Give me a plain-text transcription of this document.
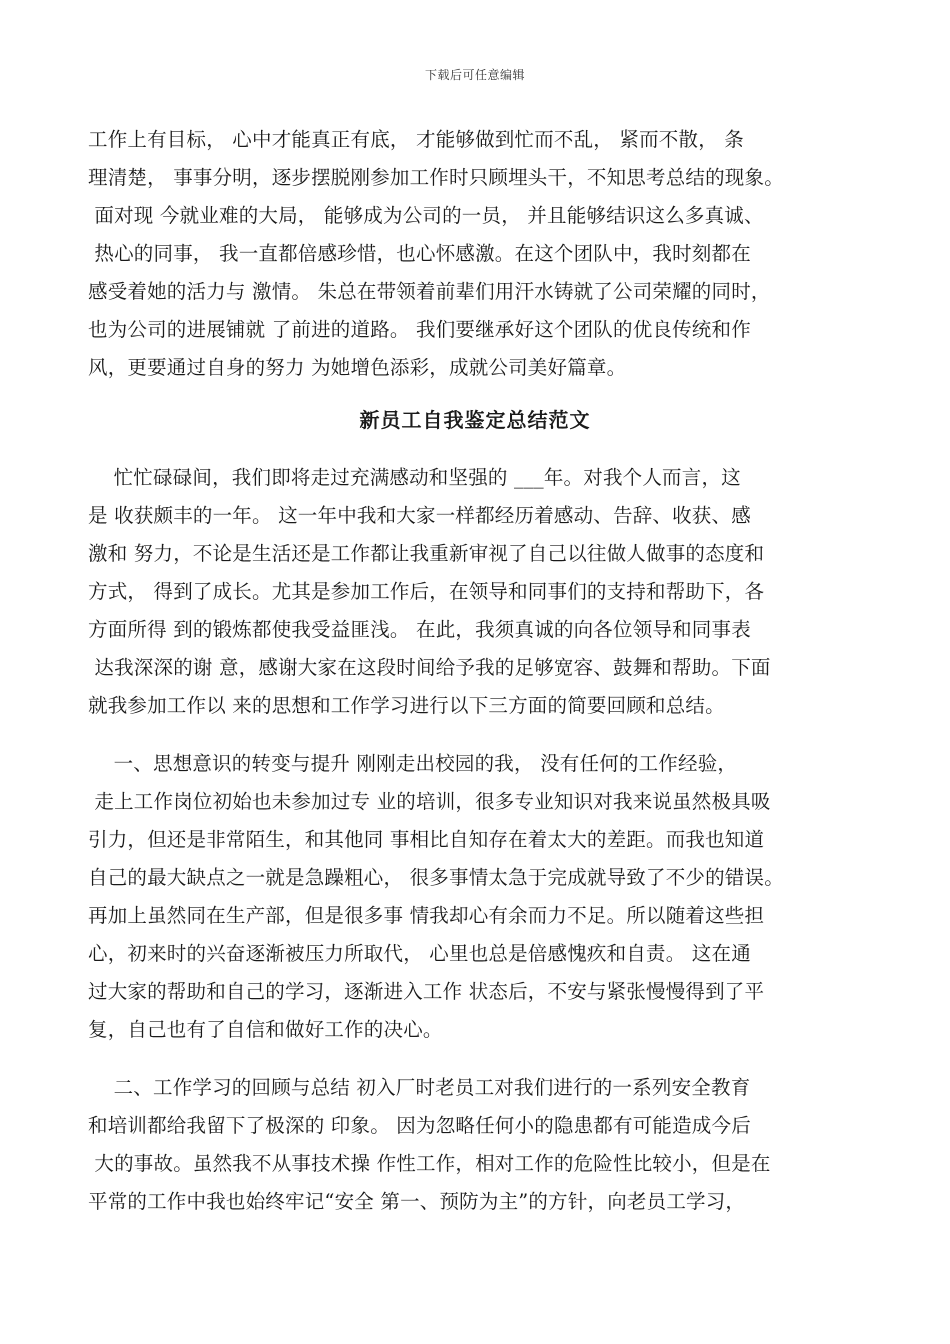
下载后可任意编辑
工作上有目标， 心中才能真正有底， 才能够做到忙而不乱， 紧而不散， 条
理清楚， 事事分明，逐步摆脱刚参加工作时只顾埋头干，不知思考总结的现象。
面对现 今就业难的大局， 能够成为公司的一员， 并且能够结识这么多真诚、
热心的同事， 我一直都倍感珍惜，也心怀感激。在这个团队中，我时刻都在
感受着她的活力与 激情。 朱总在带领着前辈们用汗水铸就了公司荣耀的同时，
也为公司的进展铺就 了前进的道路。 我们要继承好这个团队的优良传统和作
风，更要通过自身的努力 为她增色添彩，成就公司美好篇章。
新员工自我鉴定总结范文
忙忙碌碌间，我们即将走过充满感动和坚强的 ___年。对我个人而言，这
是 收获颇丰的一年。 这一年中我和大家一样都经历着感动、告辞、收获、感
激和 努力，不论是生活还是工作都让我重新审视了自己以往做人做事的态度和
方式， 得到了成长。尤其是参加工作后，在领导和同事们的支持和帮助下，各
方面所得 到的锻炼都使我受益匪浅。 在此，我须真诚的向各位领导和同事表
达我深深的谢 意，感谢大家在这段时间给予我的足够宽容、鼓舞和帮助。下面
就我参加工作以 来的思想和工作学习进行以下三方面的简要回顾和总结。
一、思想意识的转变与提升 刚刚走出校园的我， 没有任何的工作经验，
走上工作岗位初始也未参加过专 业的培训，很多专业知识对我来说虽然极具吸
引力，但还是非常陌生，和其他同 事相比自知存在着太大的差距。而我也知道
自己的最大缺点之一就是急躁粗心， 很多事情太急于完成就导致了不少的错误。
再加上虽然同在生产部，但是很多事 情我却心有余而力不足。所以随着这些担
心，初来时的兴奋逐渐被压力所取代， 心里也总是倍感愧疚和自责。 这在通
过大家的帮助和自己的学习，逐渐进入工作 状态后，不安与紧张慢慢得到了平
复，自己也有了自信和做好工作的决心。
二、工作学习的回顾与总结 初入厂时老员工对我们进行的一系列安全教育
和培训都给我留下了极深的 印象。 因为忽略任何小的隐患都有可能造成今后
大的事故。虽然我不从事技术操 作性工作，相对工作的危险性比较小，但是在
平常的工作中我也始终牢记“安全 第一、预防为主”的方针，向老员工学习，
